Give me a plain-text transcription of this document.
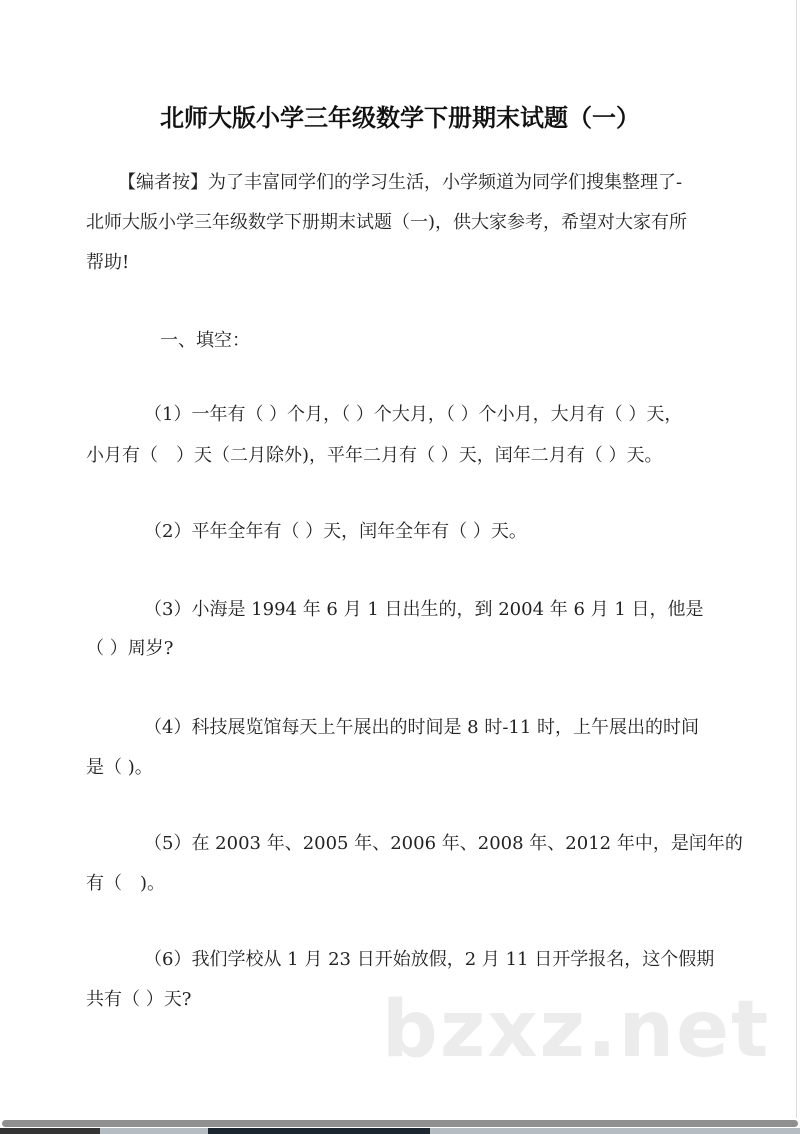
北师大版小学三年级数学下册期末试题（一）
【编者按】为了丰富同学们的学习生活，小学频道为同学们搜集整理了-
北师大版小学三年级数学下册期末试题（一)，供大家参考，希望对大家有所
帮助!
一、填空：
（1）一年有（ ）个月，（ ）个大月，（ ）个小月，大月有（ ）天，
小月有（　）天（二月除外)，平年二月有（ ）天，闰年二月有（ ）天。
（2）平年全年有（ ）天，闰年全年有（ ）天。
（3）小海是 1994 年 6 月 1 日出生的，到 2004 年 6 月 1 日，他是
（ ）周岁?
（4）科技展览馆每天上午展出的时间是 8 时-11 时，上午展出的时间
是（ )。
（5）在 2003 年、2005 年、2006 年、2008 年、2012 年中，是闰年的
有（　)。
（6）我们学校从 1 月 23 日开始放假，2 月 11 日开学报名，这个假期
共有（ ）天? bzxz.net
